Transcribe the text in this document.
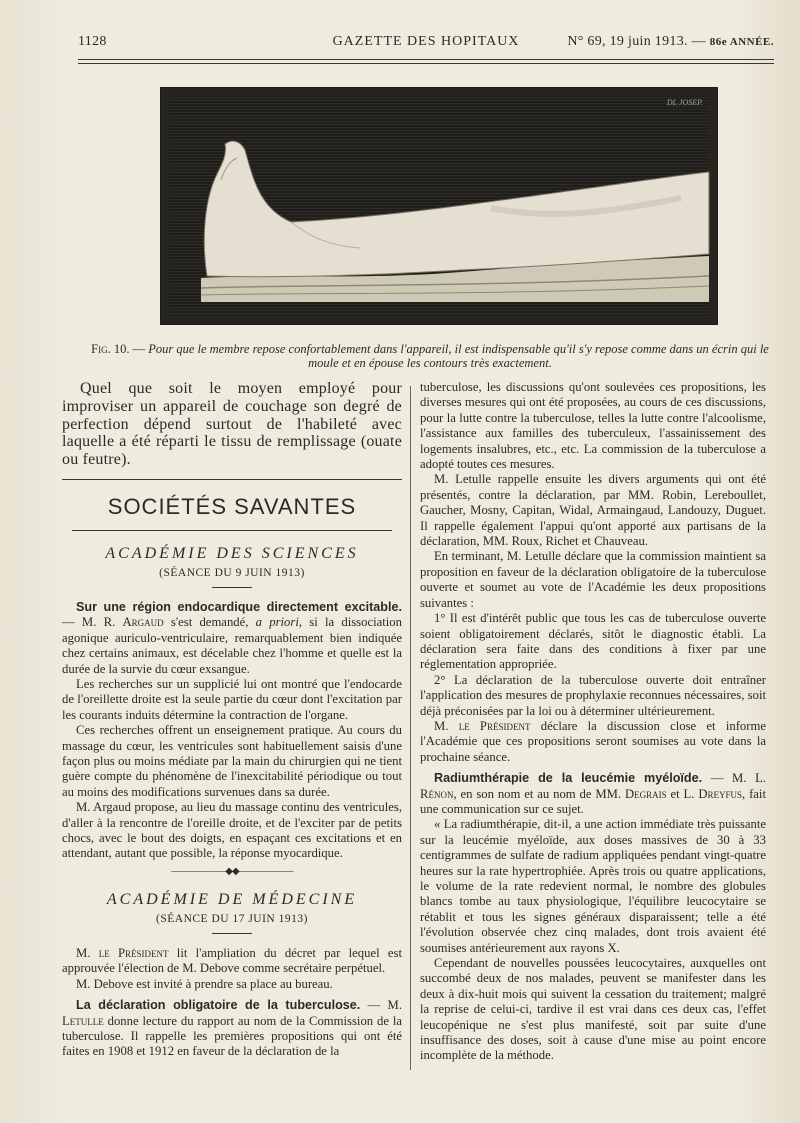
1128	GAZETTE DES HOPITAUX	N° 69, 19 juin 1913. — 86e ANNÉE.
DL JOSEP.
Fig. 10. — Pour que le membre repose confortablement dans l'appareil, il est indispensable qu'il s'y repose comme dans un écrin qui le moule et en épouse les contours très exactement.

Quel que soit le moyen employé pour improviser un appareil de couchage son degré de perfection dépend surtout de l'habileté avec laquelle a été réparti le tissu de remplissage (ouate ou feutre).

SOCIÉTÉS SAVANTES
ACADÉMIE DES SCIENCES
(SÉANCE DU 9 JUIN 1913)

Sur une région endocardique directement excitable. — M. R. Argaud s'est demandé, a priori, si la dissociation agonique auriculo-ventriculaire, remarquablement bien indiquée chez certains animaux, est décelable chez l'homme et quelle est la durée de la survie du cœur exsangue.

Les recherches sur un supplicié lui ont montré que l'endocarde de l'oreillette droite est la seule partie du cœur dont l'excitation par les courants induits détermine la contraction de l'organe.

Ces recherches offrent un enseignement pratique. Au cours du massage du cœur, les ventricules sont habituellement saisis d'une façon plus ou moins médiate par la main du chirurgien qui ne tient guère compte du phénomène de l'inexcitabilité périodique ou tout au moins des modifications survenues dans sa durée.

M. Argaud propose, au lieu du massage continu des ventricules, d'aller à la rencontre de l'oreille droite, et de l'exciter par de petits chocs, avec le bout des doigts, en espaçant ces excitations et en attendant, autant que possible, la réponse myocardique.

——————◆◆——————
ACADÉMIE DE MÉDECINE
(SÉANCE DU 17 JUIN 1913)

M. le Président lit l'ampliation du décret par lequel est approuvée l'élection de M. Debove comme secrétaire perpétuel.

M. Debove est invité à prendre sa place au bureau.

La déclaration obligatoire de la tuberculose. — M. Letulle donne lecture du rapport au nom de la Commission de la tuberculose. Il rappelle les premières propositions qui ont été faites en 1908 et 1912 en faveur de la déclaration de la

tuberculose, les discussions qu'ont soulevées ces propositions, les diverses mesures qui ont été proposées, au cours de ces discussions, pour la lutte contre la tuberculose, telles la lutte contre l'alcoolisme, l'assistance aux familles des tuberculeux, l'assainissement des logements insalubres, etc., etc. La commission de la tuberculose a adopté toutes ces mesures.

M. Letulle rappelle ensuite les divers arguments qui ont été présentés, contre la déclaration, par MM. Robin, Lereboullet, Gaucher, Mosny, Capitan, Widal, Armaingaud, Landouzy, Duguet. Il rappelle également l'appui qu'ont apporté aux partisans de la déclaration, MM. Roux, Richet et Chauveau.

En terminant, M. Letulle déclare que la commission maintient sa proposition en faveur de la déclaration obligatoire de la tuberculose ouverte et soumet au vote de l'Académie les deux propositions suivantes :

1° Il est d'intérêt public que tous les cas de tuberculose ouverte soient obligatoirement déclarés, sitôt le diagnostic établi. La déclaration sera faite dans des conditions à fixer par une réglementation appropriée.

2° La déclaration de la tuberculose ouverte doit entraîner l'application des mesures de prophylaxie reconnues nécessaires, soit déjà préconisées par la loi ou à déterminer ultérieurement.

M. le Président déclare la discussion close et informe l'Académie que ces propositions seront soumises au vote dans la prochaine séance.

Radiumthérapie de la leucémie myéloïde. — M. L. Rénon, en son nom et au nom de MM. Degrais et L. Dreyfus, fait une communication sur ce sujet.

« La radiumthérapie, dit-il, a une action immédiate très puissante sur la leucémie myéloïde, aux doses massives de 30 à 33 centigrammes de sulfate de radium appliquées pendant vingt-quatre heures sur la rate hypertrophiée. Après trois ou quatre applications, le volume de la rate redevient normal, le nombre des globules blancs tombe au taux physiologique, l'équilibre leucocytaire se rétablit et tous les signes généraux disparaissent; telle a été l'évolution observée chez cinq malades, dont trois avaient été soumises antérieurement aux rayons X.

Cependant de nouvelles poussées leucocytaires, auxquelles ont succombé deux de nos malades, peuvent se manifester dans les deux à dix-huit mois qui suivent la cessation du traitement; malgré la reprise de celui-ci, tardive il est vrai dans ces deux cas, l'effet leucopénique ne s'est plus manifesté, soit par suite d'une insuffisance des doses, soit à cause d'une mise au point encore incomplète de la méthode.
